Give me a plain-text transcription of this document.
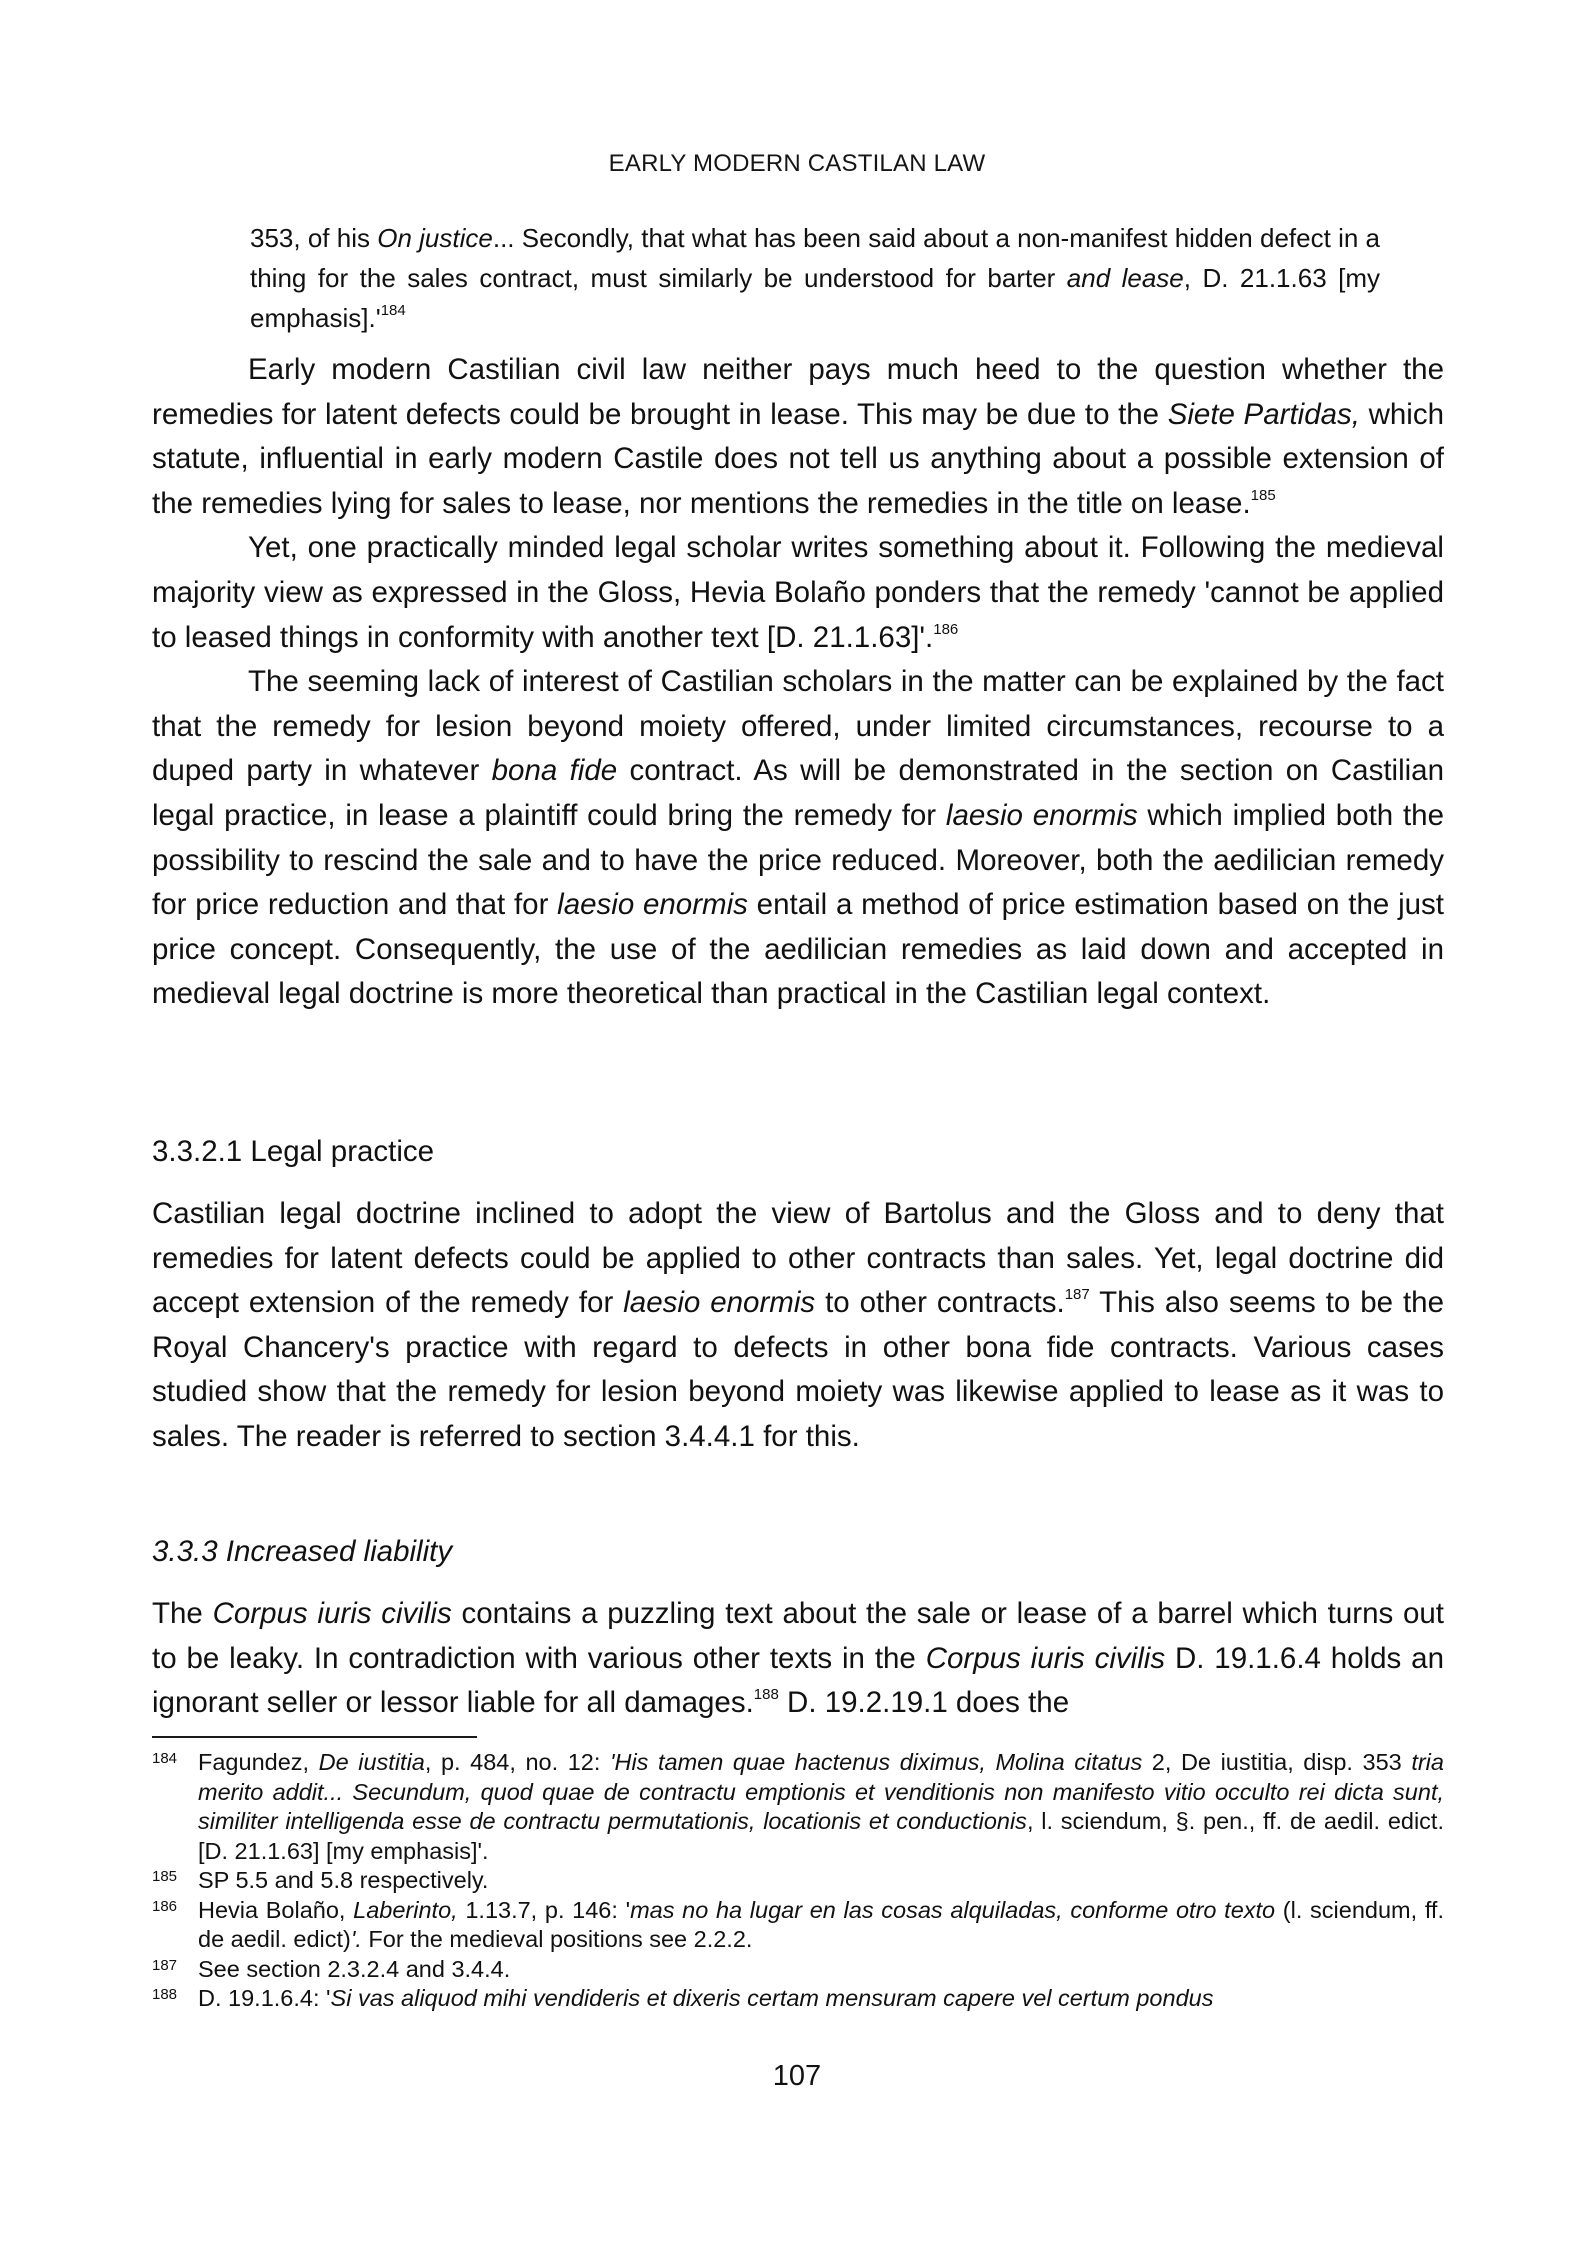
EARLY MODERN CASTILAN LAW
353, of his On justice... Secondly, that what has been said about a non-manifest hidden defect in a thing for the sales contract, must similarly be understood for barter and lease, D. 21.1.63 [my $emphasis].'^{184}$

Early modern Castilian civil law neither pays much heed to the question whether the remedies for latent defects could be brought in lease. This may be due to the Siete Partidas, which statute, influential in early modern Castile does not tell us anything about a possible extension of the remedies lying for sales to lease, nor mentions the remedies in the title on lease.$^{185}$

Yet, one practically minded legal scholar writes something about it. Following the medieval majority view as expressed in the Gloss, Hevia Bolaño ponders that the remedy 'cannot be applied to leased things in conformity with another text [D. 21.1.63]'.$^{186}$

The seeming lack of interest of Castilian scholars in the matter can be explained by the fact that the remedy for lesion beyond moiety offered, under limited circumstances, recourse to a duped party in whatever bona fide contract. As will be demonstrated in the section on Castilian legal practice, in lease a plaintiff could bring the remedy for laesio enormis which implied both the possibility to rescind the sale and to have the price reduced. Moreover, both the aedilician remedy for price reduction and that for laesio enormis entail a method of price estimation based on the just price concept. Consequently, the use of the aedilician remedies as laid down and accepted in medieval legal doctrine is more theoretical than practical in the Castilian legal context.

3.3.2.1 Legal practice

Castilian legal doctrine inclined to adopt the view of Bartolus and the Gloss and to deny that remedies for latent defects could be applied to other contracts than sales. Yet, legal doctrine did accept extension of the remedy for laesio enormis to other contracts.$^{187}$ This also seems to be the Royal Chancery's practice with regard to defects in other bona fide contracts. Various cases studied show that the remedy for lesion beyond moiety was likewise applied to lease as it was to sales. The reader is referred to section 3.4.4.1 for this.

3.3.3 Increased liability

The Corpus iuris civilis contains a puzzling text about the sale or lease of a barrel which turns out to be leaky. In contradiction with various other texts in the Corpus iuris civilis D. 19.1.6.4 holds an ignorant seller or lessor liable for all damages.$^{188}$ D. 19.2.19.1 does the

184 Fagundez, De iustitia, p. 484, no. 12: 'His tamen quae hactenus diximus, Molina citatus 2, De iustitia, disp. 353 tria merito addit... Secundum, quod quae de contractu emptionis et venditionis non manifesto vitio occulto rei dicta sunt, similiter intelligenda esse de contractu permutationis, locationis et conductionis, l. sciendum, §. pen., ff. de aedil. edict. [D. 21.1.63] [my emphasis]'.
185 SP 5.5 and 5.8 respectively.
186 Hevia Bolaño, Laberinto, 1.13.7, p. 146: 'mas no ha lugar en las cosas alquiladas, conforme otro texto (l. sciendum, ff. de aedil. edict)'. For the medieval positions see 2.2.2.
187 See section 2.3.2.4 and 3.4.4.
188 D. 19.1.6.4: 'Si vas aliquod mihi vendideris et dixeris certam mensuram capere vel certum pondus
107
